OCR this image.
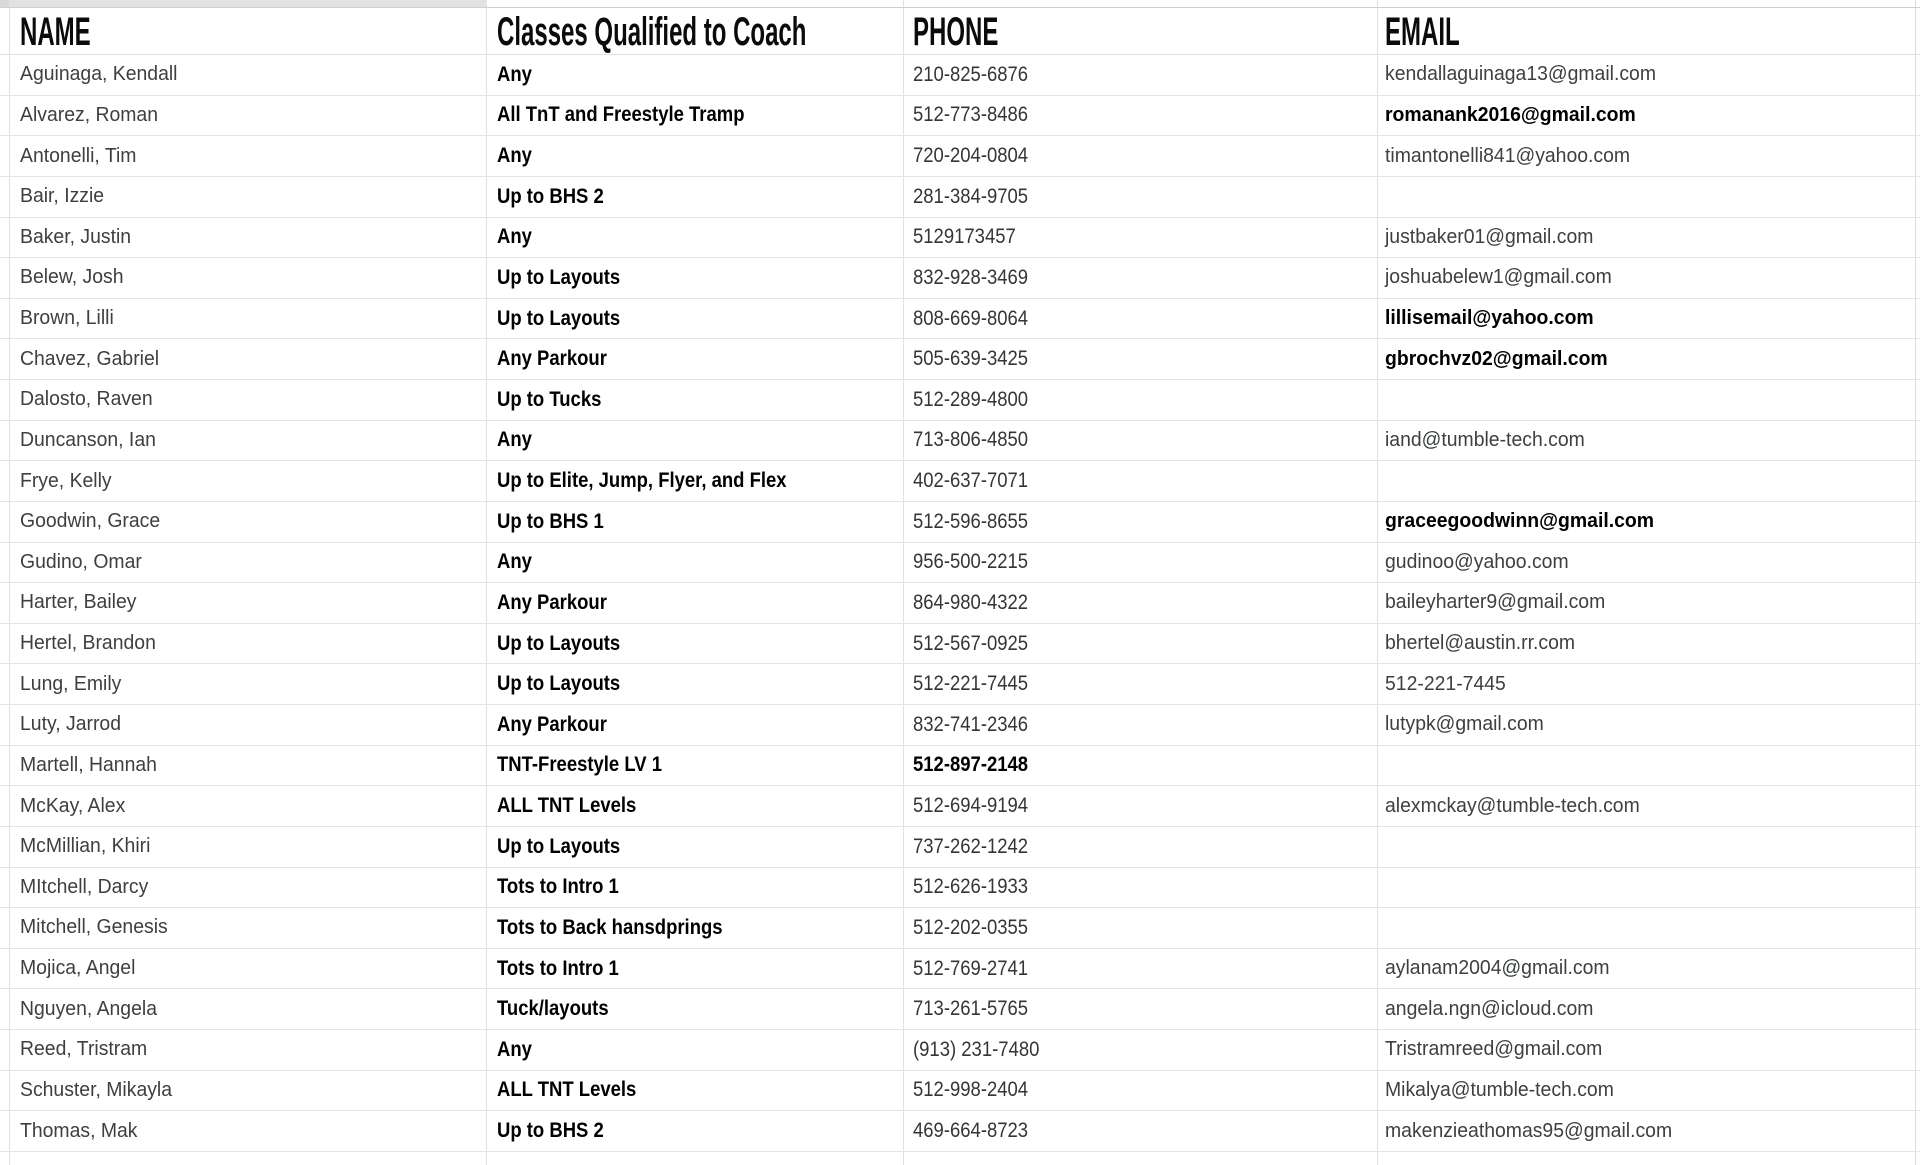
NAME	Classes Qualified to Coach	PHONE	EMAIL
Aguinaga, Kendall	Any	210-825-6876	kendallaguinaga13@gmail.com
Alvarez, Roman	All TnT and Freestyle Tramp	512-773-8486	romanank2016@gmail.com
Antonelli, Tim	Any	720-204-0804	timantonelli841@yahoo.com
Bair, Izzie	Up to BHS 2	281-384-9705
Baker, Justin	Any	5129173457	justbaker01@gmail.com
Belew, Josh	Up to Layouts	832-928-3469	joshuabelew1@gmail.com
Brown, Lilli	Up to Layouts	808-669-8064	lillisemail@yahoo.com
Chavez, Gabriel	Any Parkour	505-639-3425	gbrochvz02@gmail.com
Dalosto, Raven	Up to Tucks	512-289-4800
Duncanson, Ian	Any	713-806-4850	iand@tumble-tech.com
Frye, Kelly	Up to Elite, Jump, Flyer, and Flex	402-637-7071
Goodwin, Grace	Up to BHS 1	512-596-8655	graceegoodwinn@gmail.com
Gudino, Omar	Any	956-500-2215	gudinoo@yahoo.com
Harter, Bailey	Any Parkour	864-980-4322	baileyharter9@gmail.com
Hertel, Brandon	Up to Layouts	512-567-0925	bhertel@austin.rr.com
Lung, Emily	Up to Layouts	512-221-7445	512-221-7445
Luty, Jarrod	Any Parkour	832-741-2346	lutypk@gmail.com
Martell, Hannah	TNT-Freestyle LV 1	512-897-2148
McKay, Alex	ALL TNT Levels	512-694-9194	alexmckay@tumble-tech.com
McMillian, Khiri	Up to Layouts	737-262-1242
MItchell, Darcy	Tots to Intro 1	512-626-1933
Mitchell, Genesis	Tots to Back hansdprings	512-202-0355
Mojica, Angel	Tots to Intro 1	512-769-2741	aylanam2004@gmail.com
Nguyen, Angela	Tuck/layouts	713-261-5765	angela.ngn@icloud.com
Reed, Tristram	Any	(913) 231-7480	Tristramreed@gmail.com
Schuster, Mikayla	ALL TNT Levels	512-998-2404	Mikalya@tumble-tech.com
Thomas, Mak	Up to BHS 2	469-664-8723	makenzieathomas95@gmail.com
